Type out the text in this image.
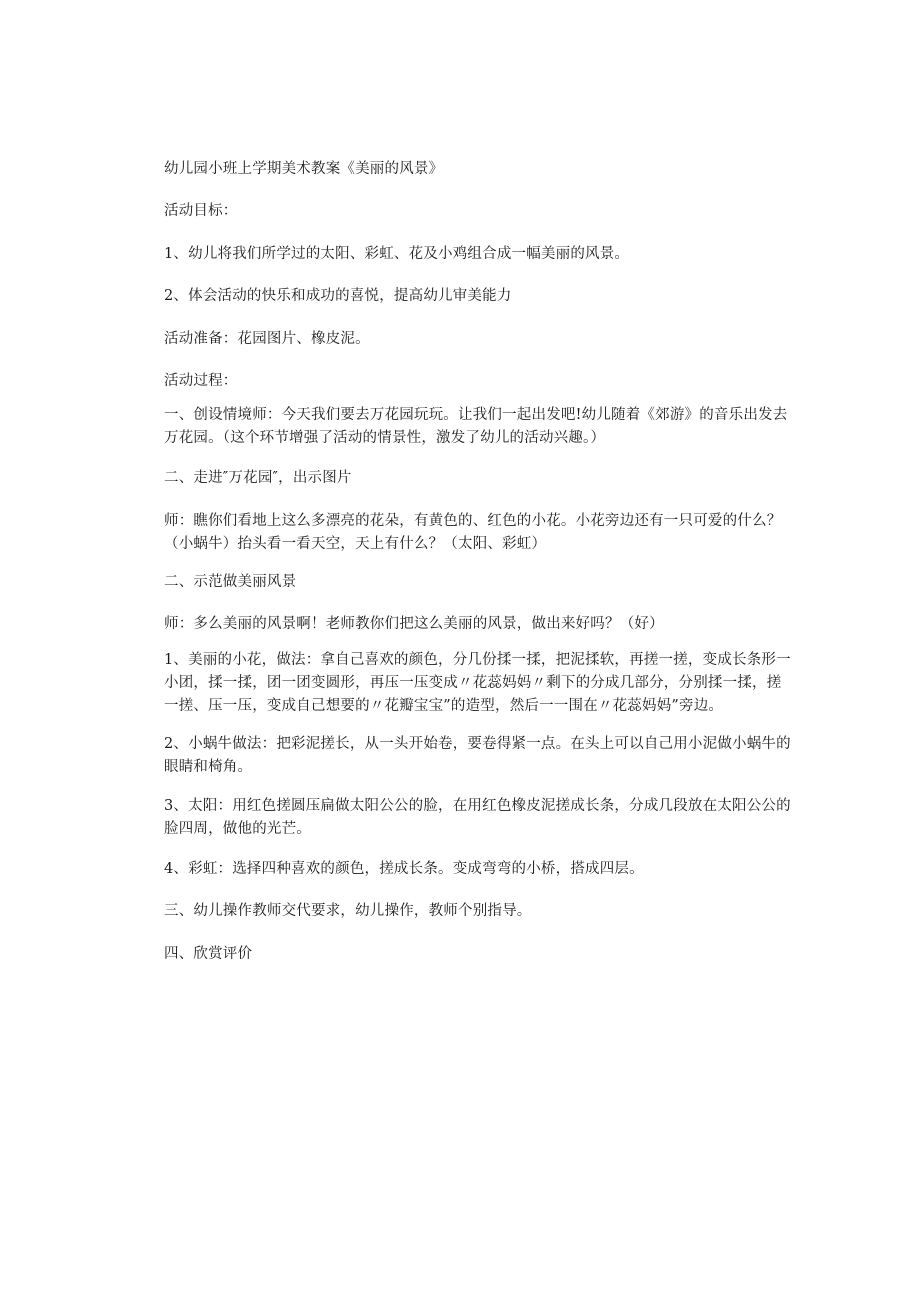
幼儿园小班上学期美术教案《美丽的风景》

活动目标：

1、幼儿将我们所学过的太阳、彩虹、花及小鸡组合成一幅美丽的风景。

2、体会活动的快乐和成功的喜悦，提高幼儿审美能力

活动准备：花园图片、橡皮泥。

活动过程：

一、创设情境师：今天我们要去万花园玩玩。让我们一起出发吧!幼儿随着《郊游》的音乐出发去万花园。（这个环节增强了活动的情景性，激发了幼儿的活动兴趣。）

二、走进″万花园″，出示图片

师：瞧你们看地上这么多漂亮的花朵，有黄色的、红色的小花。小花旁边还有一只可爱的什么？（小蜗牛）抬头看一看天空，天上有什么？（太阳、彩虹）

二、示范做美丽风景

师：多么美丽的风景啊！老师教你们把这么美丽的风景，做出来好吗？（好）

1、美丽的小花，做法：拿自己喜欢的颜色，分几份揉一揉，把泥揉软，再搓一搓，变成长条形一小团，揉一揉，团一团变圆形，再压一压变成〃花蕊妈妈〃剩下的分成几部分，分别揉一揉，搓一搓、压一压，变成自己想要的〃花瓣宝宝”的造型，然后一一围在〃花蕊妈妈”旁边。

2、小蜗牛做法：把彩泥搓长，从一头开始卷，要卷得紧一点。在头上可以自己用小泥做小蜗牛的眼睛和椅角。

3、太阳：用红色搓圆压扁做太阳公公的脸，在用红色橡皮泥搓成长条，分成几段放在太阳公公的脸四周，做他的光芒。

4、彩虹：选择四种喜欢的颜色，搓成长条。变成弯弯的小桥，搭成四层。

三、幼儿操作教师交代要求，幼儿操作，教师个别指导。

四、欣赏评价
